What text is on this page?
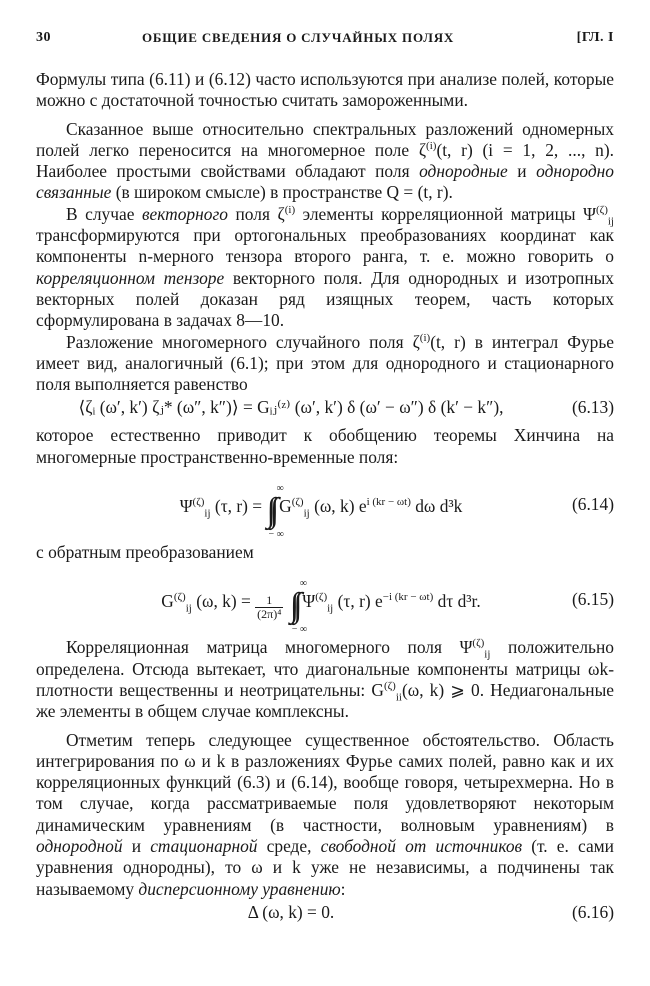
30	ОБЩИЕ СВЕДЕНИЯ О СЛУЧАЙНЫХ ПОЛЯХ	[ГЛ. I

Формулы типа (6.11) и (6.12) часто используются при анализе полей, которые можно с достаточной точностью считать замороженными.

Сказанное выше относительно спектральных разложений одномерных полей легко переносится на многомерное поле $\zeta^{(i)}(t$, r) (i = 1, 2, ..., n). Наиболее простыми свойствами обладают поля однородные и однородно связанные (в широком смысле) в пространстве Q = (t, r).

В случае векторного поля $\zeta^{(i)}$ элементы корреляционной матрицы $\Psi^{(\zeta)}_{ij}$ трансформируются при ортогональных преобразованиях координат как компоненты n-мерного тензора второго ранга, т. е. можно говорить о корреляционном тензоре векторного поля. Для однородных и изотропных векторных полей доказан ряд изящных теорем, часть которых сформулирована в задачах 8—10.

Разложение многомерного случайного поля $\zeta^{(i)}(t$, r) в интеграл Фурье имеет вид, аналогичный (6.1); при этом для однородного и стационарного поля выполняется равенство

⟨ζᵢ (ω′, k′) ζⱼ* (ω″, k″)⟩ = Gᵢⱼ⁽ᶻ⁾ (ω′, k′) δ (ω′ − ω″) δ (k′ − k″),	(6.13)

которое естественно приводит к обобщению теоремы Хинчина на многомерные пространственно-временные поля:

$\Psi^{(\zeta)}_{ij}$ (τ, r) = ∫∫
∞
− ∞
$G^{(\zeta)}_{ij}$ (ω, k) $e^{i (kr - \omega t)}$ dω d³k	(6.14)

с обратным преобразованием

$G^{(\zeta)}_{ij}$ (ω, $k) = \frac{1}{\text{(2π)⁴}}$ ∫∫
∞
− ∞
$\Psi^{(\zeta)}_{ij}$ (τ, r) $e^{-i (kr - \omega t)}$ dτ d³r.	(6.15)

Корреляционная матрица многомерного поля $\Psi^{(\zeta)}_{ij}$ положительно определена. Отсюда вытекает, что диагональные компоненты матрицы ωk-плотности вещественны и неотрицательны: $G^{(\zeta)}_{ii}(\omega$, k) ⩾ 0. Недиагональные же элементы в общем случае комплексны.

Отметим теперь следующее существенное обстоятельство. Область интегрирования по ω и k в разложениях Фурье самих полей, равно как и их корреляционных функций (6.3) и (6.14), вообще говоря, четырехмерна. Но в том случае, когда рассматриваемые поля удовлетворяют некоторым динамическим уравнениям (в частности, волновым уравнениям) в однородной и стационарной среде, свободной от источников (т. е. сами уравнения однородны), то ω и k уже не независимы, а подчинены так называемому дисперсионному уравнению:

Δ (ω, k) = 0.	(6.16)
